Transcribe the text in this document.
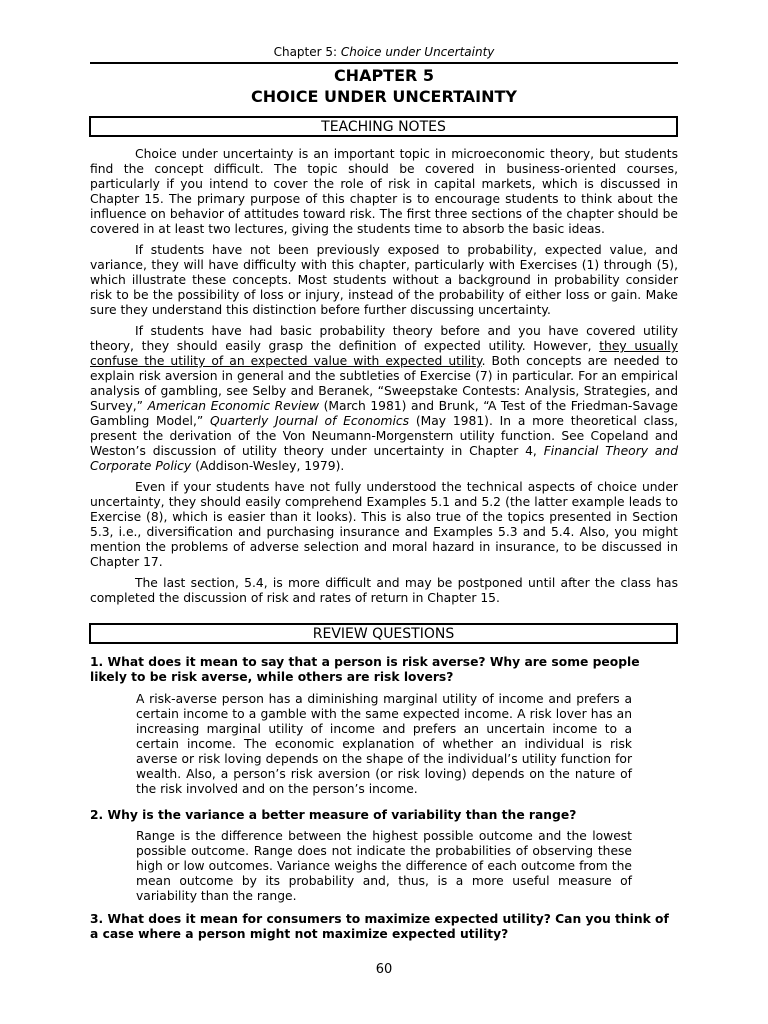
Chapter 5: Choice under Uncertainty
CHAPTER 5
CHOICE UNDER UNCERTAINTY
TEACHING NOTES

Choice under uncertainty is an important topic in microeconomic theory, but students find the concept difficult. The topic should be covered in business-oriented courses, particularly if you intend to cover the role of risk in capital markets, which is discussed in Chapter 15. The primary purpose of this chapter is to encourage students to think about the influence on behavior of attitudes toward risk. The first three sections of the chapter should be covered in at least two lectures, giving the students time to absorb the basic ideas.

If students have not been previously exposed to probability, expected value, and variance, they will have difficulty with this chapter, particularly with Exercises (1) through (5), which illustrate these concepts. Most students without a background in probability consider risk to be the possibility of loss or injury, instead of the probability of either loss or gain. Make sure they understand this distinction before further discussing uncertainty.

If students have had basic probability theory before and you have covered utility theory, they should easily grasp the definition of expected utility. However, they usually confuse the utility of an expected value with expected utility. Both concepts are needed to explain risk aversion in general and the subtleties of Exercise (7) in particular. For an empirical analysis of gambling, see Selby and Beranek, “Sweepstake Contests: Analysis, Strategies, and Survey,” American Economic Review (March 1981) and Brunk, “A Test of the Friedman-Savage Gambling Model,” Quarterly Journal of Economics (May 1981). In a more theoretical class, present the derivation of the Von Neumann-Morgenstern utility function. See Copeland and Weston’s discussion of utility theory under uncertainty in Chapter 4, Financial Theory and Corporate Policy (Addison-Wesley, 1979).

Even if your students have not fully understood the technical aspects of choice under uncertainty, they should easily comprehend Examples 5.1 and 5.2 (the latter example leads to Exercise (8), which is easier than it looks). This is also true of the topics presented in Section 5.3, i.e., diversification and purchasing insurance and Examples 5.3 and 5.4. Also, you might mention the problems of adverse selection and moral hazard in insurance, to be discussed in Chapter 17.

The last section, 5.4, is more difficult and may be postponed until after the class has completed the discussion of risk and rates of return in Chapter 15.

REVIEW QUESTIONS
1. What does it mean to say that a person is risk averse? Why are some people likely to be risk averse, while others are risk lovers?
A risk-averse person has a diminishing marginal utility of income and prefers a certain income to a gamble with the same expected income. A risk lover has an increasing marginal utility of income and prefers an uncertain income to a certain income. The economic explanation of whether an individual is risk averse or risk loving depends on the shape of the individual’s utility function for wealth. Also, a person’s risk aversion (or risk loving) depends on the nature of the risk involved and on the person’s income.
2. Why is the variance a better measure of variability than the range?
Range is the difference between the highest possible outcome and the lowest possible outcome. Range does not indicate the probabilities of observing these high or low outcomes. Variance weighs the difference of each outcome from the mean outcome by its probability and, thus, is a more useful measure of variability than the range.
3. What does it mean for consumers to maximize expected utility? Can you think of a case where a person might not maximize expected utility?
60
